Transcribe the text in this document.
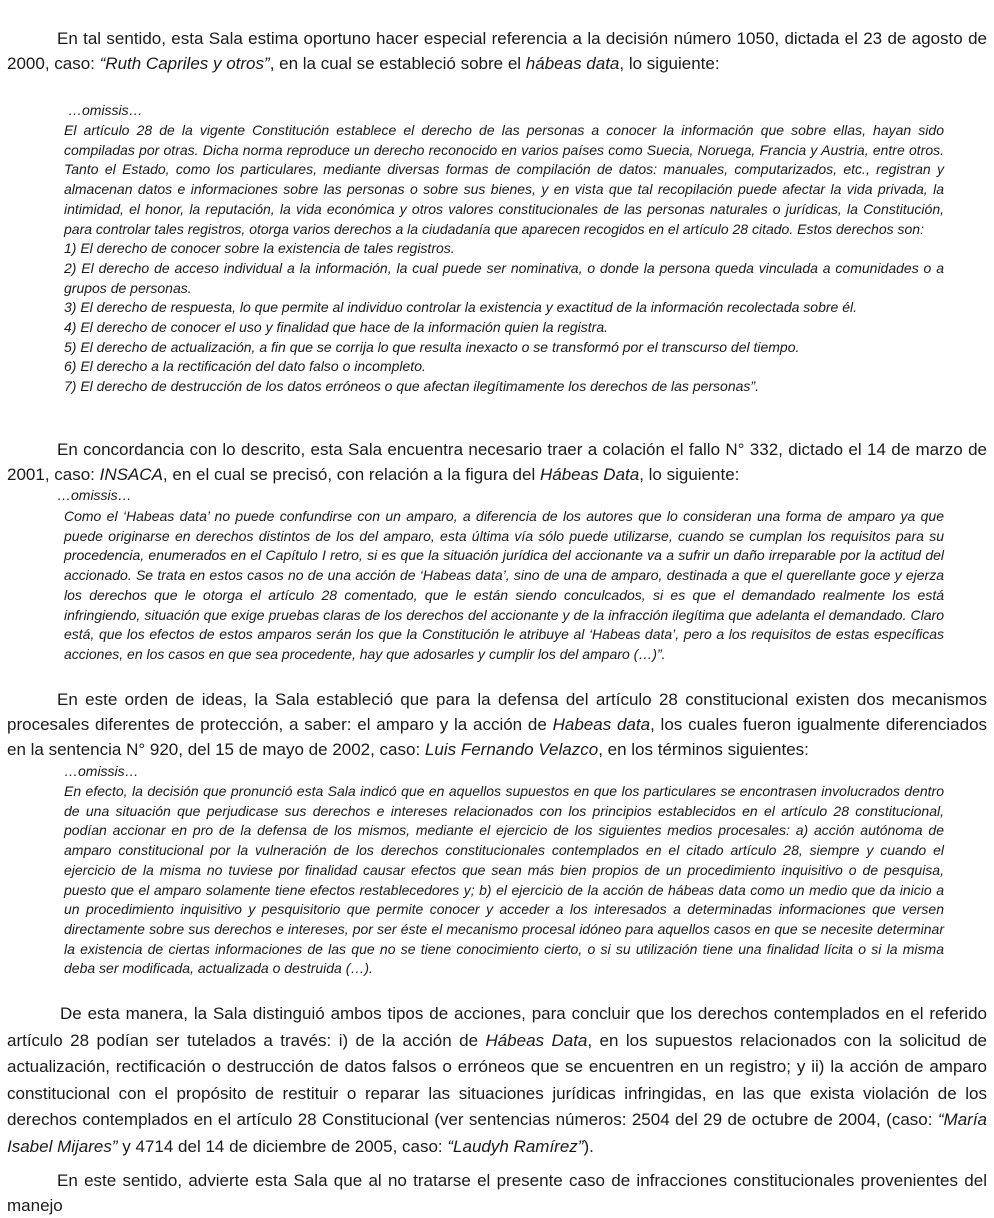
En tal sentido, esta Sala estima oportuno hacer especial referencia a la decisión número 1050, dictada el 23 de agosto de 2000, caso: “Ruth Capriles y otros”, en la cual se estableció sobre el hábeas data, lo siguiente:

…omissis…

El artículo 28 de la vigente Constitución establece el derecho de las personas a conocer la información que sobre ellas, hayan sido compiladas por otras. Dicha norma reproduce un derecho reconocido en varios países como Suecia, Noruega, Francia y Austria, entre otros. Tanto el Estado, como los particulares, mediante diversas formas de compilación de datos: manuales, computarizados, etc., registran y almacenan datos e informaciones sobre las personas o sobre sus bienes, y en vista que tal recopilación puede afectar la vida privada, la intimidad, el honor, la reputación, la vida económica y otros valores constitucionales de las personas naturales o jurídicas, la Constitución, para controlar tales registros, otorga varios derechos a la ciudadanía que aparecen recogidos en el artículo 28 citado. Estos derechos son:
1) El derecho de conocer sobre la existencia de tales registros.
2) El derecho de acceso individual a la información, la cual puede ser nominativa, o donde la persona queda vinculada a comunidades o a grupos de personas.
3) El derecho de respuesta, lo que permite al individuo controlar la existencia y exactitud de la información recolectada sobre él.
4) El derecho de conocer el uso y finalidad que hace de la información quien la registra.
5) El derecho de actualización, a fin que se corrija lo que resulta inexacto o se transformó por el transcurso del tiempo.
6) El derecho a la rectificación del dato falso o incompleto.
7) El derecho de destrucción de los datos erróneos o que afectan ilegítimamente los derechos de las personas”.

En concordancia con lo descrito, esta Sala encuentra necesario traer a colación el fallo N° 332, dictado el 14 de marzo de 2001, caso: INSACA, en el cual se precisó, con relación a la figura del Hábeas Data, lo siguiente:

…omissis…

Como el ‘Habeas data’ no puede confundirse con un amparo, a diferencia de los autores que lo consideran una forma de amparo ya que puede originarse en derechos distintos de los del amparo, esta última vía sólo puede utilizarse, cuando se cumplan los requisitos para su procedencia, enumerados en el Capítulo I retro, si es que la situación jurídica del accionante va a sufrir un daño irreparable por la actitud del accionado. Se trata en estos casos no de una acción de ‘Habeas data’, sino de una de amparo, destinada a que el querellante goce y ejerza los derechos que le otorga el artículo 28 comentado, que le están siendo conculcados, si es que el demandado realmente los está infringiendo, situación que exige pruebas claras de los derechos del accionante y de la infracción ilegítima que adelanta el demandado. Claro está, que los efectos de estos amparos serán los que la Constitución le atribuye al ‘Habeas data’, pero a los requisitos de estas específicas acciones, en los casos en que sea procedente, hay que adosarles y cumplir los del amparo (…)”.

En este orden de ideas, la Sala estableció que para la defensa del artículo 28 constitucional existen dos mecanismos procesales diferentes de protección, a saber: el amparo y la acción de Habeas data, los cuales fueron igualmente diferenciados en la sentencia N° 920, del 15 de mayo de 2002, caso: Luis Fernando Velazco, en los términos siguientes:

…omissis…

En efecto, la decisión que pronunció esta Sala indicó que en aquellos supuestos en que los particulares se encontrasen involucrados dentro de una situación que perjudicase sus derechos e intereses relacionados con los principios establecidos en el artículo 28 constitucional, podían accionar en pro de la defensa de los mismos, mediante el ejercicio de los siguientes medios procesales: a) acción autónoma de amparo constitucional por la vulneración de los derechos constitucionales contemplados en el citado artículo 28, siempre y cuando el ejercicio de la misma no tuviese por finalidad causar efectos que sean más bien propios de un procedimiento inquisitivo o de pesquisa, puesto que el amparo solamente tiene efectos restablecedores y; b) el ejercicio de la acción de hábeas data como un medio que da inicio a un procedimiento inquisitivo y pesquisitorio que permite conocer y acceder a los interesados a determinadas informaciones que versen directamente sobre sus derechos e intereses, por ser éste el mecanismo procesal idóneo para aquellos casos en que se necesite determinar la existencia de ciertas informaciones de las que no se tiene conocimiento cierto, o si su utilización tiene una finalidad lícita o si la misma deba ser modificada, actualizada o destruida (…).

De esta manera, la Sala distinguió ambos tipos de acciones, para concluir que los derechos contemplados en el referido artículo 28 podían ser tutelados a través: i) de la acción de Hábeas Data, en los supuestos relacionados con la solicitud de actualización, rectificación o destrucción de datos falsos o erróneos que se encuentren en un registro; y ii) la acción de amparo constitucional con el propósito de restituir o reparar las situaciones jurídicas infringidas, en las que exista violación de los derechos contemplados en el artículo 28 Constitucional (ver sentencias números: 2504 del 29 de octubre de 2004, (caso: “María Isabel Mijares” y 4714 del 14 de diciembre de 2005, caso: “Laudyh Ramírez”).

En este sentido, advierte esta Sala que al no tratarse el presente caso de infracciones constitucionales provenientes del manejo
